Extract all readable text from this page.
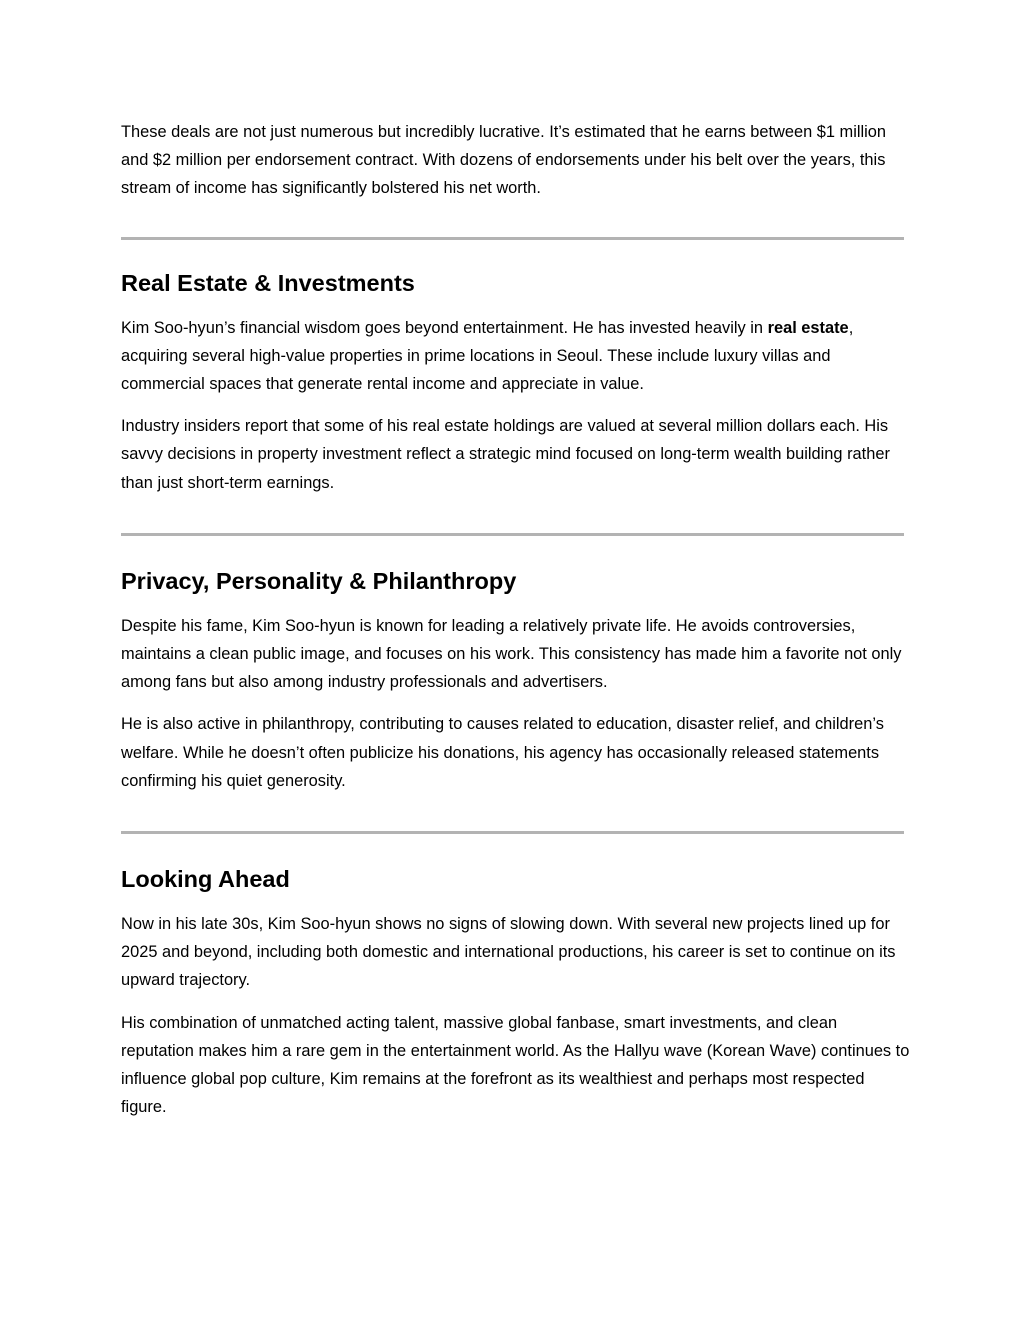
These deals are not just numerous but incredibly lucrative. It’s estimated that he earns between $1 million and $2 million per endorsement contract. With dozens of endorsements under his belt over the years, this stream of income has significantly bolstered his net worth.

Real Estate & Investments

Kim Soo-hyun’s financial wisdom goes beyond entertainment. He has invested heavily in real estate, acquiring several high-value properties in prime locations in Seoul. These include luxury villas and commercial spaces that generate rental income and appreciate in value.

Industry insiders report that some of his real estate holdings are valued at several million dollars each. His savvy decisions in property investment reflect a strategic mind focused on long-term wealth building rather than just short-term earnings.

Privacy, Personality & Philanthropy

Despite his fame, Kim Soo-hyun is known for leading a relatively private life. He avoids controversies, maintains a clean public image, and focuses on his work. This consistency has made him a favorite not only among fans but also among industry professionals and advertisers.

He is also active in philanthropy, contributing to causes related to education, disaster relief, and children’s welfare. While he doesn’t often publicize his donations, his agency has occasionally released statements confirming his quiet generosity.

Looking Ahead

Now in his late 30s, Kim Soo-hyun shows no signs of slowing down. With several new projects lined up for 2025 and beyond, including both domestic and international productions, his career is set to continue on its upward trajectory.

His combination of unmatched acting talent, massive global fanbase, smart investments, and clean reputation makes him a rare gem in the entertainment world. As the Hallyu wave (Korean Wave) continues to influence global pop culture, Kim remains at the forefront as its wealthiest and perhaps most respected figure.
